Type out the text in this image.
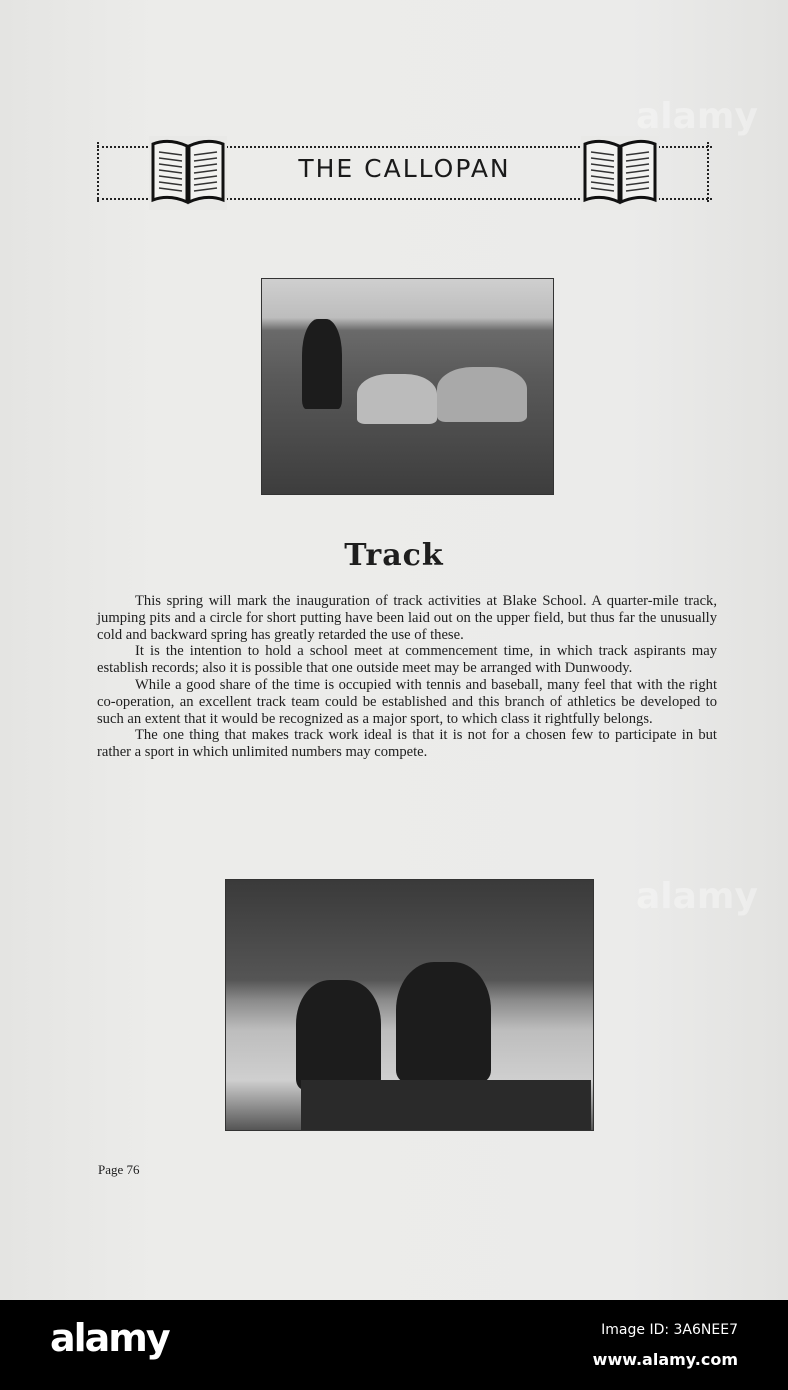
THE CALLOPAN
Track

This spring will mark the inauguration of track activities at Blake School. A quarter-mile track, jumping pits and a circle for short putting have been laid out on the upper field, but thus far the unusually cold and backward spring has greatly retarded the use of these.

It is the intention to hold a school meet at commencement time, in which track aspirants may establish records; also it is possible that one outside meet may be arranged with Dunwoody.

While a good share of the time is occupied with tennis and baseball, many feel that with the right co-operation, an excellent track team could be established and this branch of athletics be developed to such an extent that it would be recognized as a major sport, to which class it rightfully belongs.

The one thing that makes track work ideal is that it is not for a chosen few to participate in but rather a sport in which unlimited numbers may compete.

Page 76
alamy
alamy
alamy	Image ID: 3A6NEE7
www.alamy.com
